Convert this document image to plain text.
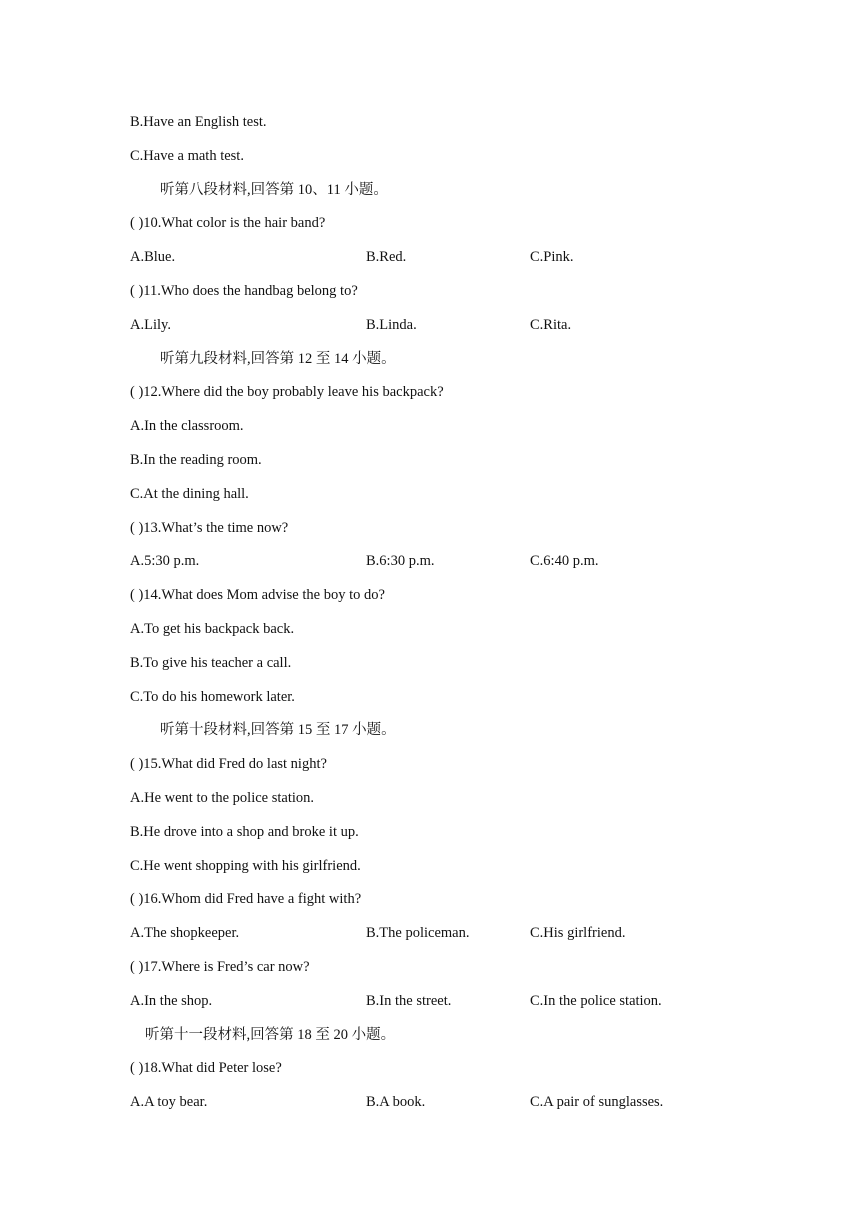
B.Have an English test.
C.Have a math test.
听第八段材料,回答第 10、11 小题。
( )10.What color is the hair band?
A.Blue.	B.Red.	C.Pink.
( )11.Who does the handbag belong to?
A.Lily.	B.Linda.	C.Rita.
听第九段材料,回答第 12 至 14 小题。
( )12.Where did the boy probably leave his backpack?
A.In the classroom.
B.In the reading room.
C.At the dining hall.
( )13.What’s the time now?
A.5:30 p.m.	B.6:30 p.m.	C.6:40 p.m.
( )14.What does Mom advise the boy to do?
A.To get his backpack back.
B.To give his teacher a call.
C.To do his homework later.
听第十段材料,回答第 15 至 17 小题。
( )15.What did Fred do last night?
A.He went to the police station.
B.He drove into a shop and broke it up.
C.He went shopping with his girlfriend.
( )16.Whom did Fred have a fight with?
A.The shopkeeper.	B.The policeman.	C.His girlfriend.
( )17.Where is Fred’s car now?
A.In the shop.	B.In the street.	C.In the police station.
听第十一段材料,回答第 18 至 20 小题。
( )18.What did Peter lose?
A.A toy bear.	B.A book.	C.A pair of sunglasses.
